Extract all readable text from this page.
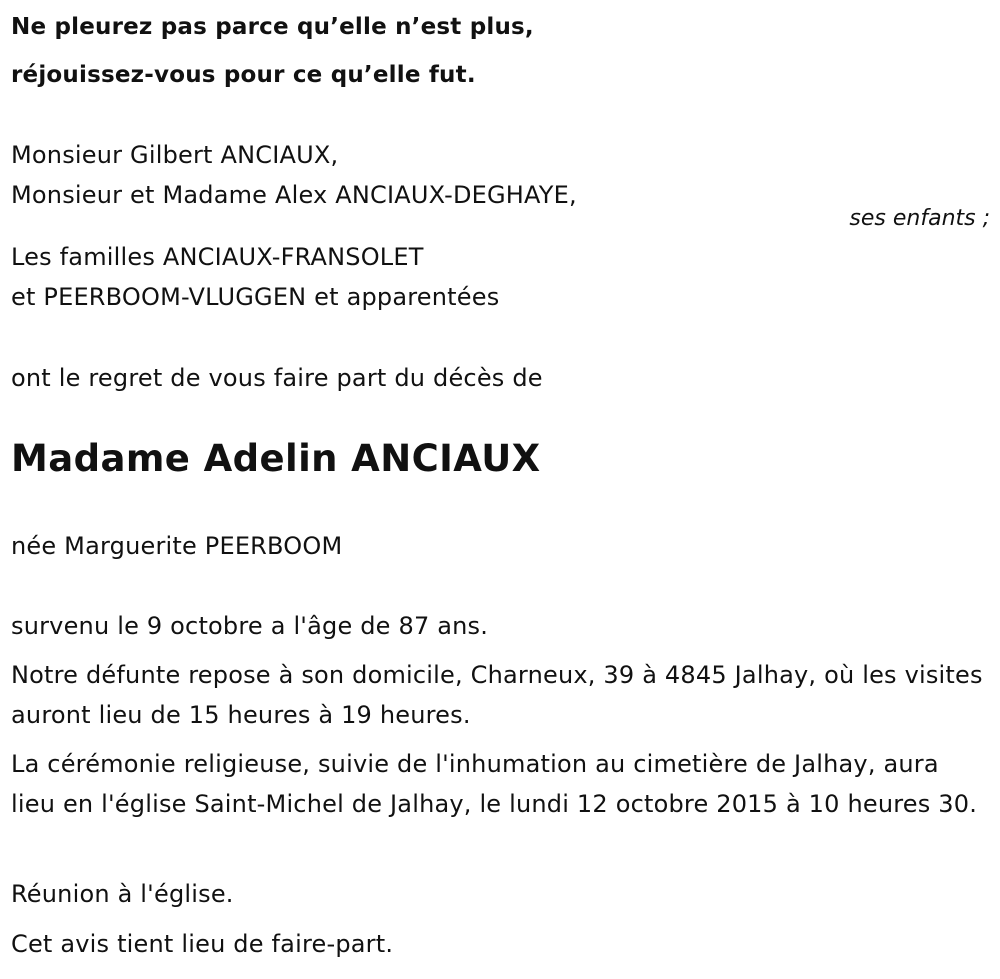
Ne pleurez pas parce qu’elle n’est plus,
réjouissez-vous pour ce qu’elle fut.
Monsieur Gilbert ANCIAUX,
Monsieur et Madame Alex ANCIAUX-DEGHAYE,
ses enfants ;
Les familles ANCIAUX-FRANSOLET
et PEERBOOM-VLUGGEN et apparentées
ont le regret de vous faire part du décès de
Madame Adelin ANCIAUX
née Marguerite PEERBOOM
survenu le 9 octobre a l'âge de 87 ans.
Notre défunte repose à son domicile, Charneux, 39 à 4845 Jalhay, où les visites auront lieu de 15 heures à 19 heures.
La cérémonie religieuse, suivie de l'inhumation au cimetière de Jalhay, aura lieu en l'église Saint-Michel de Jalhay, le lundi 12 octobre 2015 à 10 heures 30.
Réunion à l'église.
Cet avis tient lieu de faire-part.
